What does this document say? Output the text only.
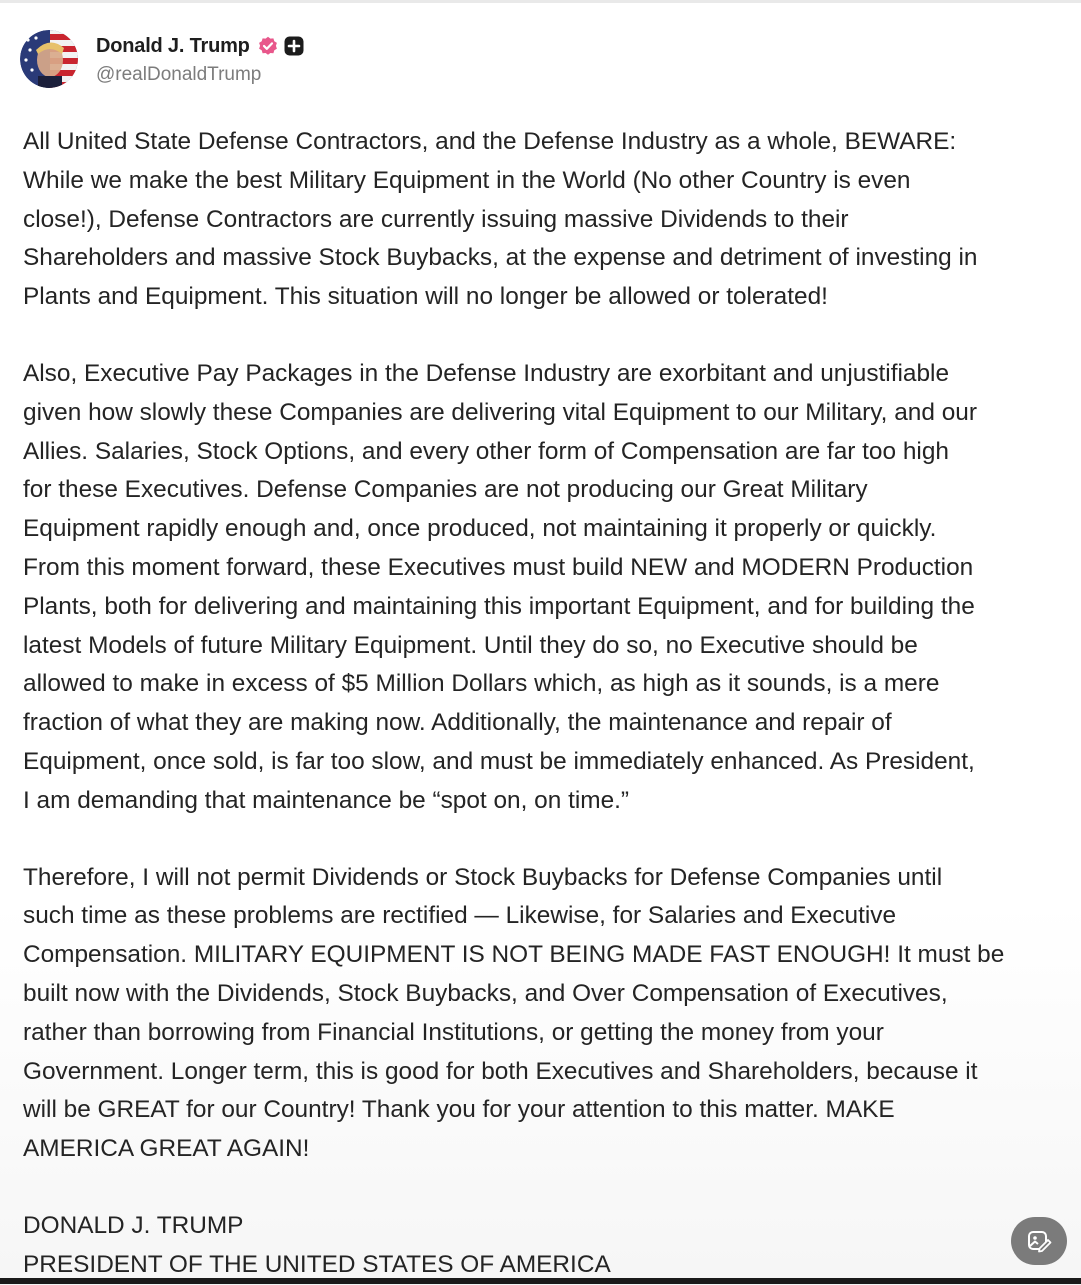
Donald J. Trump
@realDonaldTrump

All United State Defense Contractors, and the Defense Industry as a whole, BEWARE:
While we make the best Military Equipment in the World (No other Country is even
close!), Defense Contractors are currently issuing massive Dividends to their
Shareholders and massive Stock Buybacks, at the expense and detriment of investing in
Plants and Equipment. This situation will no longer be allowed or tolerated!

Also, Executive Pay Packages in the Defense Industry are exorbitant and unjustifiable
given how slowly these Companies are delivering vital Equipment to our Military, and our
Allies. Salaries, Stock Options, and every other form of Compensation are far too high
for these Executives. Defense Companies are not producing our Great Military
Equipment rapidly enough and, once produced, not maintaining it properly or quickly.
From this moment forward, these Executives must build NEW and MODERN Production
Plants, both for delivering and maintaining this important Equipment, and for building the
latest Models of future Military Equipment. Until they do so, no Executive should be
allowed to make in excess of $5 Million Dollars which, as high as it sounds, is a mere
fraction of what they are making now. Additionally, the maintenance and repair of
Equipment, once sold, is far too slow, and must be immediately enhanced. As President,
I am demanding that maintenance be “spot on, on time.”

Therefore, I will not permit Dividends or Stock Buybacks for Defense Companies until
such time as these problems are rectified — Likewise, for Salaries and Executive
Compensation. MILITARY EQUIPMENT IS NOT BEING MADE FAST ENOUGH! It must be
built now with the Dividends, Stock Buybacks, and Over Compensation of Executives,
rather than borrowing from Financial Institutions, or getting the money from your
Government. Longer term, this is good for both Executives and Shareholders, because it
will be GREAT for our Country! Thank you for your attention to this matter. MAKE
AMERICA GREAT AGAIN!

DONALD J. TRUMP
PRESIDENT OF THE UNITED STATES OF AMERICA
